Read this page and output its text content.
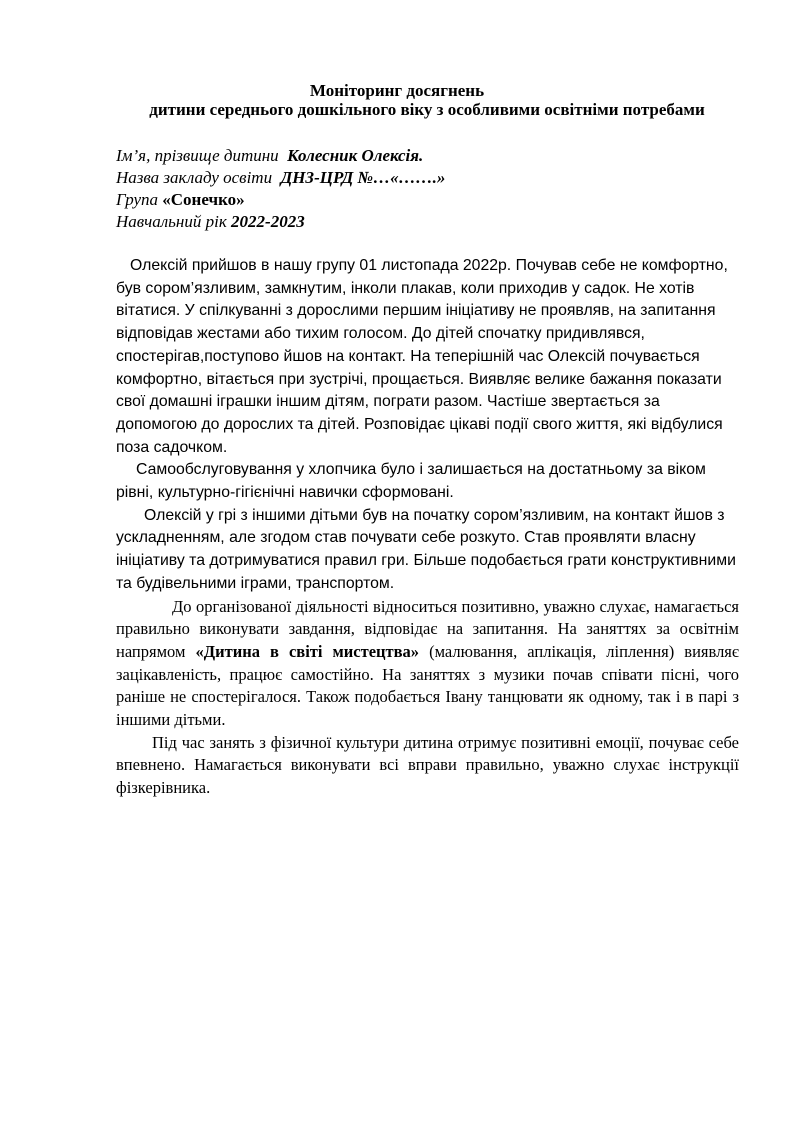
Моніторинг досягнень
дитини середнього дошкільного віку з особливими освітніми потребами
Ім’я, прізвище дитини Колесник Олексія.
Назва закладу освіти ДНЗ-ЦРД №…«…….»
Група «Сонечко»
Навчальний рік 2022-2023

Олексій прийшов в нашу групу 01 листопада 2022р. Почував себе не комфортно, був сором’язливим, замкнутим, інколи плакав, коли приходив у садок. Не хотів вітатися. У спілкуванні з дорослими першим ініціативу не проявляв, на запитання відповідав жестами або тихим голосом. До дітей спочатку придивлявся, спостерігав,поступово йшов на контакт. На теперішній час Олексій почувається комфортно, вітається при зустрічі, прощається. Виявляє велике бажання показати свої домашні іграшки іншим дітям, пограти разом. Частіше звертається за допомогою до дорослих та дітей. Розповідає цікаві події свого життя, які відбулися поза садочком.

Самообслуговування у хлопчика було і залишається на достатньому за віком рівні, культурно-гігієнічні навички сформовані.

Олексій у грі з іншими дітьми був на початку сором’язливим, на контакт йшов з ускладненням, але згодом став почувати себе розкуто. Став проявляти власну ініціативу та дотримуватися правил гри. Більше подобається грати конструктивними та будівельними іграми, транспортом.

До організованої діяльності відноситься позитивно, уважно слухає, намагається правильно виконувати завдання, відповідає на запитання. На заняттях за освітнім напрямом «Дитина в світі мистецтва» (малювання, аплікація, ліплення) виявляє зацікавленість, працює самостійно. На заняттях з музики почав співати пісні, чого раніше не спостерігалося. Також подобається Івану танцювати як одному, так і в парі з іншими дітьми.

Під час занять з фізичної культури дитина отримує позитивні емоції, почуває себе впевнено. Намагається виконувати всі вправи правильно, уважно слухає інструкції фізкерівника.
